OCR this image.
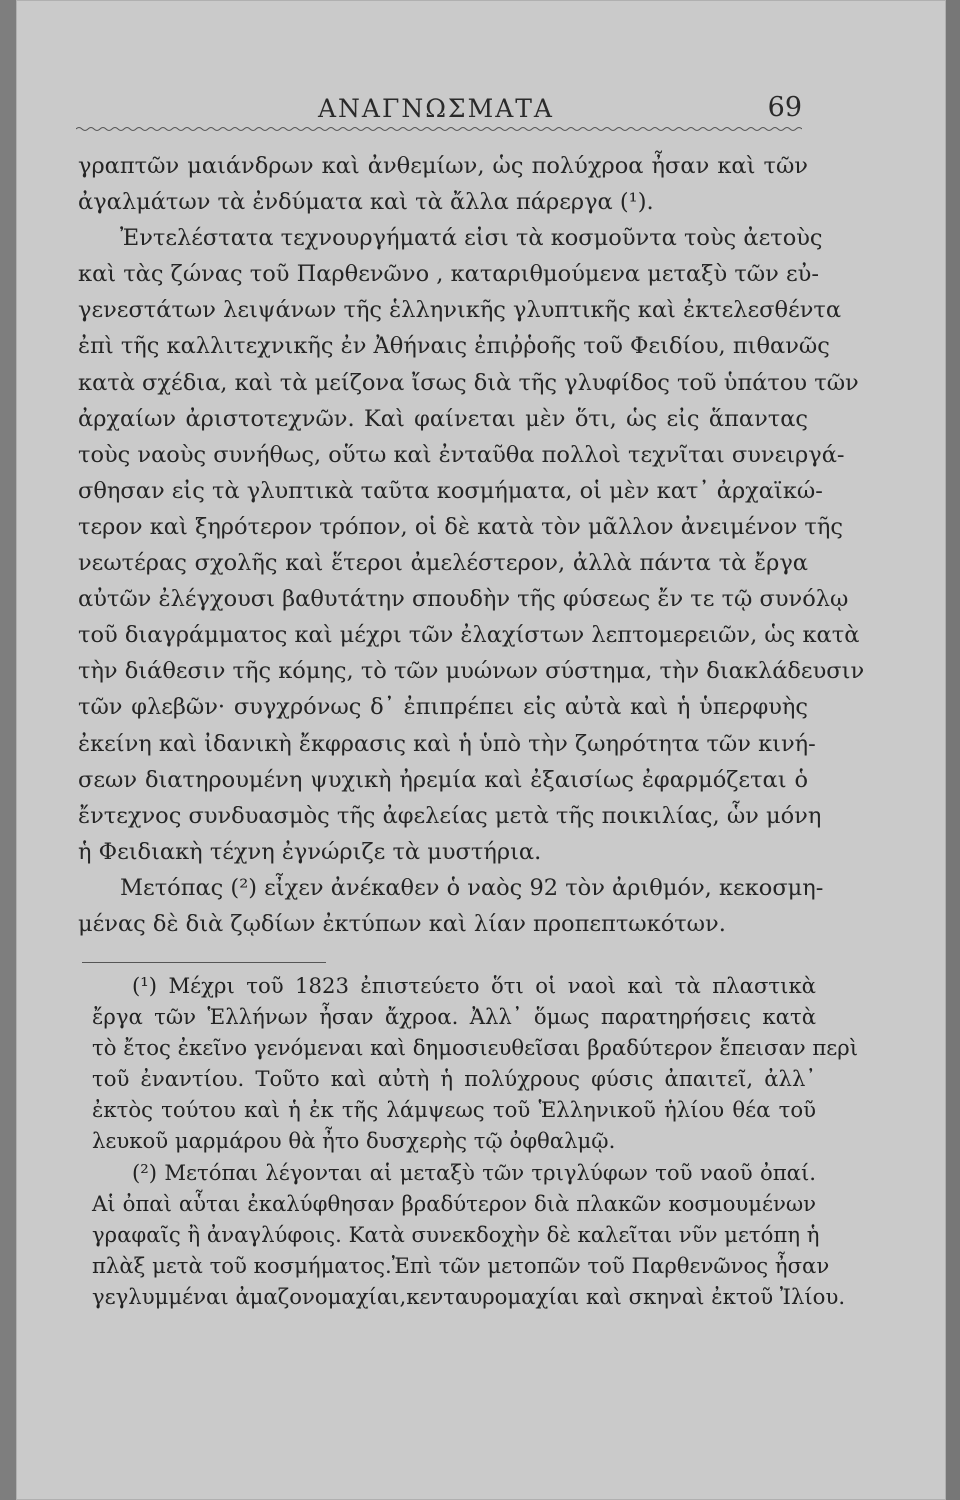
ΑΝΑΓΝΩΣΜΑΤΑ	69
γραπτῶν μαιάνδρων καὶ ἀνθεμίων, ὡς πολύχροα ἦσαν καὶ τῶν
ἀγαλμάτων τὰ ἐνδύματα καὶ τὰ ἄλλα πάρεργα (¹).
Ἐντελέστατα τεχνουργήματά εἰσι τὰ κοσμοῦντα τοὺς ἀετοὺς
καὶ τὰς ζώνας τοῦ Παρθενῶνο , καταριθμούμενα μεταξὺ τῶν εὐ-
γενεστάτων λειψάνων τῆς ἑλληνικῆς γλυπτικῆς καὶ ἐκτελεσθέντα
ἐπὶ τῆς καλλιτεχνικῆς ἐν Ἀθήναις ἐπιῤῥοῆς τοῦ Φειδίου, πιθανῶς
κατὰ σχέδια, καὶ τὰ μείζονα ἴσως διὰ τῆς γλυφίδος τοῦ ὑπάτου τῶν
ἀρχαίων ἀριστοτεχνῶν. Καὶ φαίνεται μὲν ὅτι, ὡς εἰς ἅπαντας
τοὺς ναοὺς συνήθως, οὕτω καὶ ἐνταῦθα πολλοὶ τεχνῖται συνειργά-
σθησαν εἰς τὰ γλυπτικὰ ταῦτα κοσμήματα, οἱ μὲν κατ᾽ ἀρχαϊκώ-
τερον καὶ ξηρότερον τρόπον, οἱ δὲ κατὰ τὸν μᾶλλον ἀνειμένον τῆς
νεωτέρας σχολῆς καὶ ἕτεροι ἀμελέστερον, ἀλλὰ πάντα τὰ ἔργα
αὐτῶν ἐλέγχουσι βαθυτάτην σπουδὴν τῆς φύσεως ἔν τε τῷ συνόλῳ
τοῦ διαγράμματος καὶ μέχρι τῶν ἐλαχίστων λεπτομερειῶν, ὡς κατὰ
τὴν διάθεσιν τῆς κόμης, τὸ τῶν μυώνων σύστημα, τὴν διακλάδευσιν
τῶν φλεβῶν· συγχρόνως δ᾽ ἐπιπρέπει εἰς αὐτὰ καὶ ἡ ὑπερφυὴς
ἐκείνη καὶ ἰδανικὴ ἔκφρασις καὶ ἡ ὑπὸ τὴν ζωηρότητα τῶν κινή-
σεων διατηρουμένη ψυχικὴ ἠρεμία καὶ ἐξαισίως ἐφαρμόζεται ὁ
ἔντεχνος συνδυασμὸς τῆς ἀφελείας μετὰ τῆς ποικιλίας, ὧν μόνη
ἡ Φειδιακὴ τέχνη ἐγνώριζε τὰ μυστήρια.
Μετόπας (²) εἶχεν ἀνέκαθεν ὁ ναὸς 92 τὸν ἀριθμόν, κεκοσμη-
μένας δὲ διὰ ζῳδίων ἐκτύπων καὶ λίαν προπεπτωκότων.
(¹) Μέχρι τοῦ 1823 ἐπιστεύετο ὅτι οἱ ναοὶ καὶ τὰ πλαστικὰ
ἔργα τῶν Ἑλλήνων ἦσαν ἄχροα. Ἀλλ᾽ ὅμως παρατηρήσεις κατὰ
τὸ ἔτος ἐκεῖνο γενόμεναι καὶ δημοσιευθεῖσαι βραδύτερον ἔπεισαν περὶ
τοῦ ἐναντίου. Τοῦτο καὶ αὐτὴ ἡ πολύχρους φύσις ἀπαιτεῖ, ἀλλ᾽
ἐκτὸς τούτου καὶ ἡ ἐκ τῆς λάμψεως τοῦ Ἑλληνικοῦ ἡλίου θέα τοῦ
λευκοῦ μαρμάρου θὰ ἦτο δυσχερὴς τῷ ὀφθαλμῷ.
(²) Μετόπαι λέγονται αἱ μεταξὺ τῶν τριγλύφων τοῦ ναοῦ ὀπαί.
Αἱ ὀπαὶ αὗται ἐκαλύφθησαν βραδύτερον διὰ πλακῶν κοσμουμένων
γραφαῖς ἢ ἀναγλύφοις. Κατὰ συνεκδοχὴν δὲ καλεῖται νῦν μετόπη ἡ
πλὰξ μετὰ τοῦ κοσμήματος.Ἐπὶ τῶν μετοπῶν τοῦ Παρθενῶνος ἦσαν
γεγλυμμέναι ἀμαζονομαχίαι,κενταυρομαχίαι καὶ σκηναὶ ἐκτοῦ Ἰλίου.
